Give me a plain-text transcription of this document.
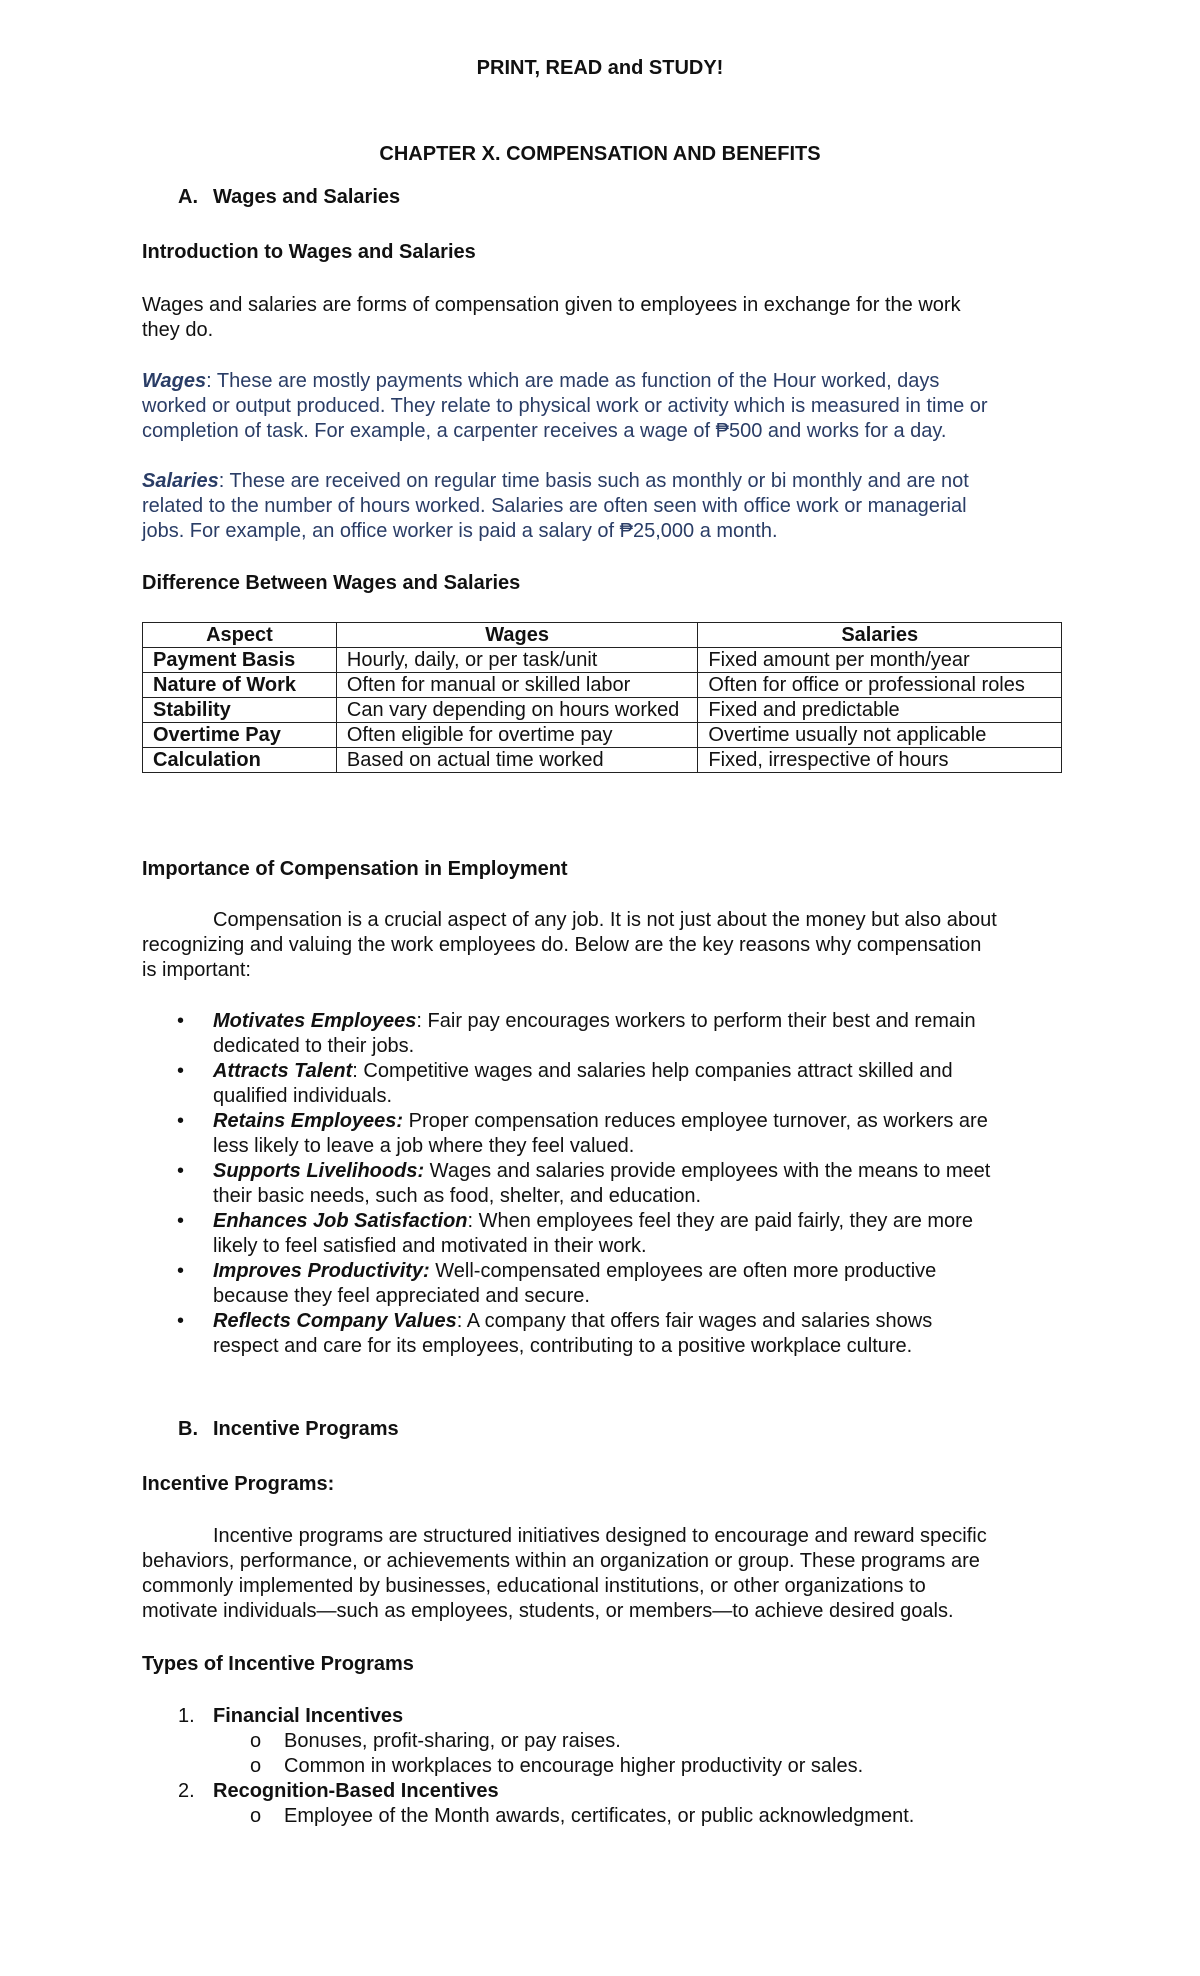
PRINT, READ and STUDY!
CHAPTER X. COMPENSATION AND BENEFITS
A. Wages and Salaries
Introduction to Wages and Salaries

Wages and salaries are forms of compensation given to employees in exchange for the work

they do.

Wages: These are mostly payments which are made as function of the Hour worked, days

worked or output produced. They relate to physical work or activity which is measured in time or

completion of task. For example, a carpenter receives a wage of ₱500 and works for a day.

Salaries: These are received on regular time basis such as monthly or bi monthly and are not

related to the number of hours worked. Salaries are often seen with office work or managerial

jobs. For example, an office worker is paid a salary of ₱25,000 a month.

Difference Between Wages and Salaries
Aspect	Wages	Salaries
Payment Basis	Hourly, daily, or per task/unit	Fixed amount per month/year
Nature of Work	Often for manual or skilled labor	Often for office or professional roles
Stability	Can vary depending on hours worked	Fixed and predictable
Overtime Pay	Often eligible for overtime pay	Overtime usually not applicable
Calculation	Based on actual time worked	Fixed, irrespective of hours
Importance of Compensation in Employment

Compensation is a crucial aspect of any job. It is not just about the money but also about

recognizing and valuing the work employees do. Below are the key reasons why compensation

is important:

• Motivates Employees: Fair pay encourages workers to perform their best and remain
dedicated to their jobs.
• Attracts Talent: Competitive wages and salaries help companies attract skilled and
qualified individuals.
• Retains Employees: Proper compensation reduces employee turnover, as workers are
less likely to leave a job where they feel valued.
• Supports Livelihoods: Wages and salaries provide employees with the means to meet
their basic needs, such as food, shelter, and education.
• Enhances Job Satisfaction: When employees feel they are paid fairly, they are more
likely to feel satisfied and motivated in their work.
• Improves Productivity: Well-compensated employees are often more productive
because they feel appreciated and secure.
• Reflects Company Values: A company that offers fair wages and salaries shows
respect and care for its employees, contributing to a positive workplace culture.
B. Incentive Programs
Incentive Programs:

Incentive programs are structured initiatives designed to encourage and reward specific

behaviors, performance, or achievements within an organization or group. These programs are

commonly implemented by businesses, educational institutions, or other organizations to

motivate individuals—such as employees, students, or members—to achieve desired goals.

Types of Incentive Programs
1. Financial Incentives
o Bonuses, profit-sharing, or pay raises.
o Common in workplaces to encourage higher productivity or sales.
2. Recognition-Based Incentives
o Employee of the Month awards, certificates, or public acknowledgment.
